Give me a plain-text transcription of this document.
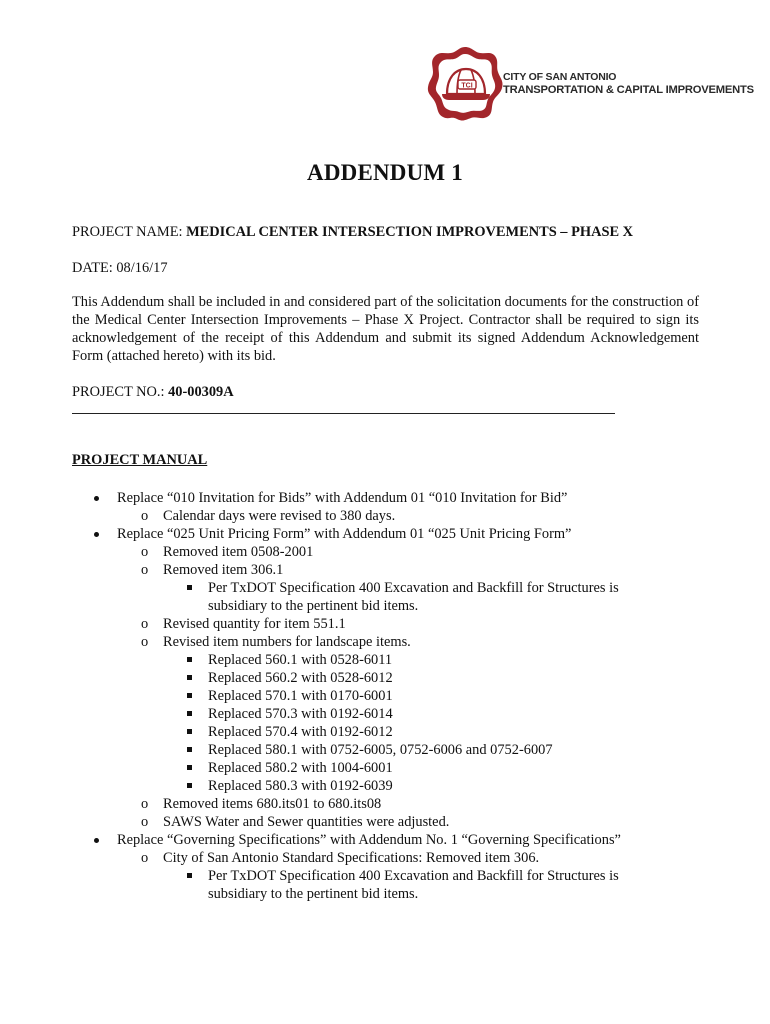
TCI
CITY OF SAN ANTONIO
TRANSPORTATION & CAPITAL IMPROVEMENTS
ADDENDUM 1
PROJECT NAME: MEDICAL CENTER INTERSECTION IMPROVEMENTS – PHASE X
DATE: 08/16/17
This Addendum shall be included in and considered part of the solicitation documents for the construction of the Medical Center Intersection Improvements – Phase X Project. Contractor shall be required to sign its acknowledgement of the receipt of this Addendum and submit its signed Addendum Acknowledgement Form (attached hereto) with its bid.
PROJECT NO.: 40-00309A
PROJECT MANUAL
Replace “010 Invitation for Bids” with Addendum 01 “010 Invitation for Bid”
o Calendar days were revised to 380 days.
Replace “025 Unit Pricing Form” with Addendum 01 “025 Unit Pricing Form”
o Removed item 0508-2001
o Removed item 306.1
Per TxDOT Specification 400 Excavation and Backfill for Structures is
subsidiary to the pertinent bid items.
o Revised quantity for item 551.1
o Revised item numbers for landscape items.
Replaced 560.1 with 0528-6011
Replaced 560.2 with 0528-6012
Replaced 570.1 with 0170-6001
Replaced 570.3 with 0192-6014
Replaced 570.4 with 0192-6012
Replaced 580.1 with 0752-6005, 0752-6006 and 0752-6007
Replaced 580.2 with 1004-6001
Replaced 580.3 with 0192-6039
o Removed items 680.its01 to 680.its08
o SAWS Water and Sewer quantities were adjusted.
Replace “Governing Specifications” with Addendum No. 1 “Governing Specifications”
o City of San Antonio Standard Specifications: Removed item 306.
Per TxDOT Specification 400 Excavation and Backfill for Structures is
subsidiary to the pertinent bid items.
